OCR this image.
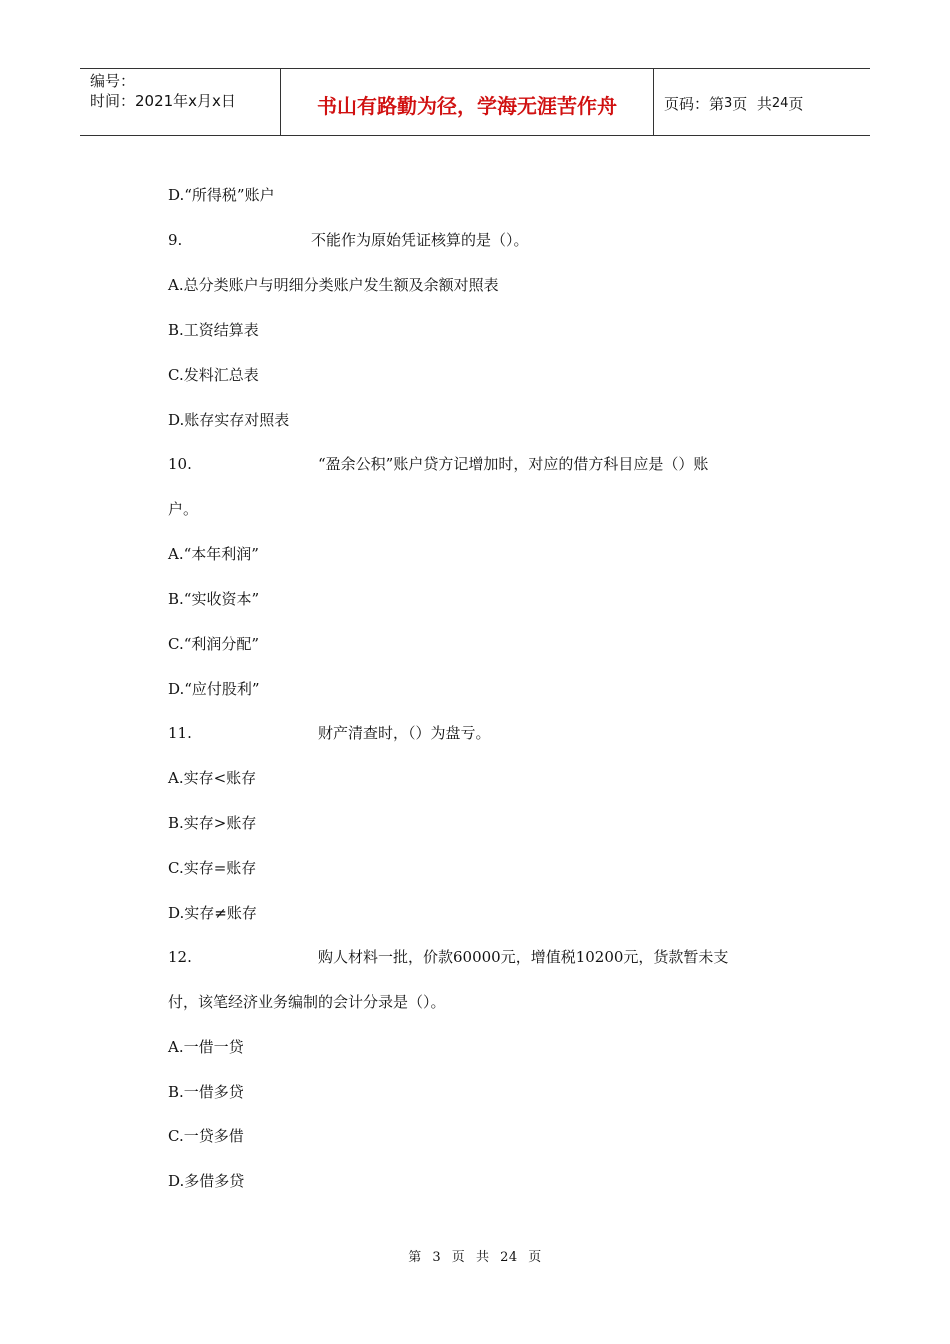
编号：
时间：2021年x月x日	书山有路勤为径，学海无涯苦作舟	页码：第 3 页  共 24 页
D.“所得税”账户
9.	不能作为原始凭证核算的是（）。
A.总分类账户与明细分类账户发生额及余额对照表
B.工资结算表
C.发料汇总表
D.账存实存对照表
10.	“盈余公积”账户贷方记增加时，对应的借方科目应是（）账
户。
A.“本年利润”
B.“实收资本”
C.“利润分配”
D.“应付股利”
11.	财产清查时，（）为盘亏。
A.实存<账存
B.实存>账存
C.实存=账存
D.实存≠账存
12.	购人材料一批，价款60000元，增值税10200元，货款暂未支
付，该笔经济业务编制的会计分录是（）。
A.一借一贷
B.一借多贷
C.一贷多借
D.多借多贷
第 3 页 共 24 页
